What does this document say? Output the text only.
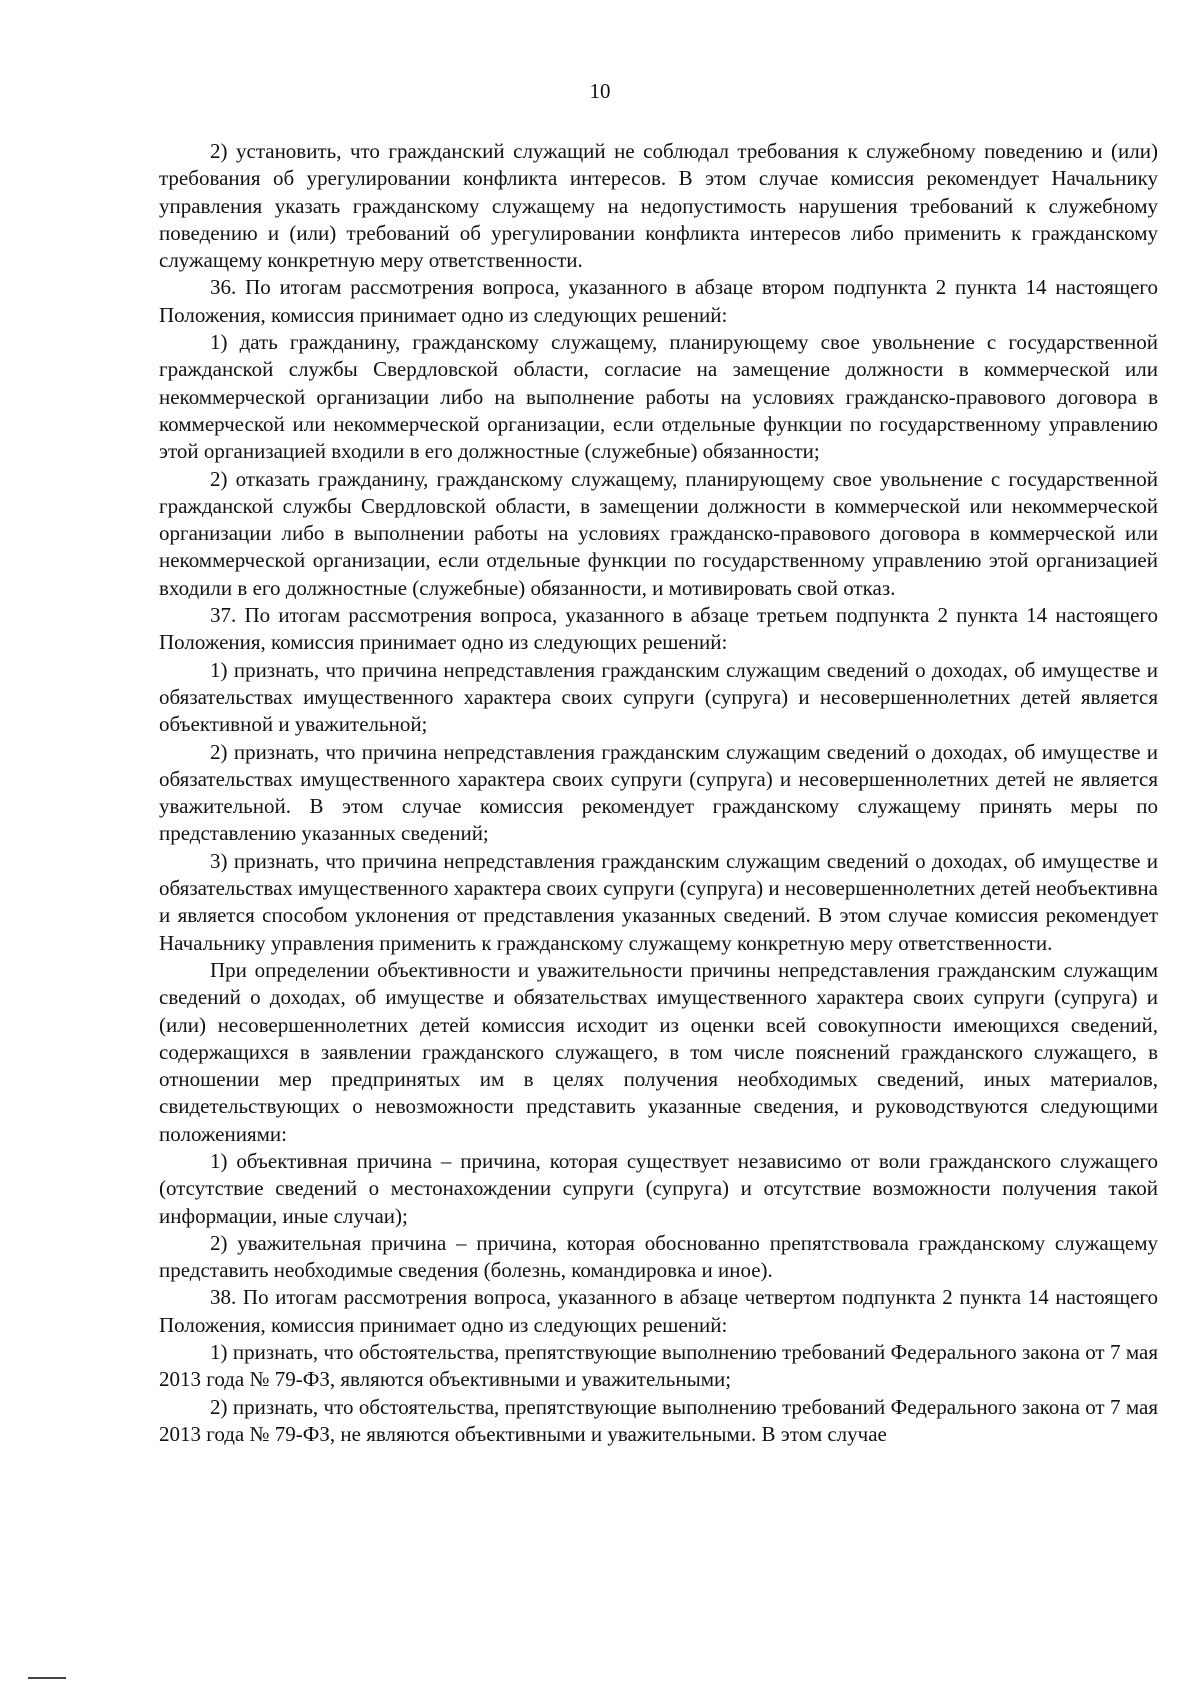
10

2) установить, что гражданский служащий не соблюдал требования к служебному поведению и (или) требования об урегулировании конфликта интересов. В этом случае комиссия рекомендует Начальнику управления указать гражданскому служащему на недопустимость нарушения требований к служебному поведению и (или) требований об урегулировании конфликта интересов либо применить к гражданскому служащему конкретную меру ответственности.

36. По итогам рассмотрения вопроса, указанного в абзаце втором подпункта 2 пункта 14 настоящего Положения, комиссия принимает одно из следующих решений:

1) дать гражданину, гражданскому служащему, планирующему свое увольнение с государственной гражданской службы Свердловской области, согласие на замещение должности в коммерческой или некоммерческой организации либо на выполнение работы на условиях гражданско-правового договора в коммерческой или некоммерческой организации, если отдельные функции по государственному управлению этой организацией входили в его должностные (служебные) обязанности;

2) отказать гражданину, гражданскому служащему, планирующему свое увольнение с государственной гражданской службы Свердловской области, в замещении должности в коммерческой или некоммерческой организации либо в выполнении работы на условиях гражданско-правового договора в коммерческой или некоммерческой организации, если отдельные функции по государственному управлению этой организацией входили в его должностные (служебные) обязанности, и мотивировать свой отказ.

37. По итогам рассмотрения вопроса, указанного в абзаце третьем подпункта 2 пункта 14 настоящего Положения, комиссия принимает одно из следующих решений:

1) признать, что причина непредставления гражданским служащим сведений о доходах, об имуществе и обязательствах имущественного характера своих супруги (супруга) и несовершеннолетних детей является объективной и уважительной;

2) признать, что причина непредставления гражданским служащим сведений о доходах, об имуществе и обязательствах имущественного характера своих супруги (супруга) и несовершеннолетних детей не является уважительной. В этом случае комиссия рекомендует гражданскому служащему принять меры по представлению указанных сведений;

3) признать, что причина непредставления гражданским служащим сведений о доходах, об имуществе и обязательствах имущественного характера своих супруги (супруга) и несовершеннолетних детей необъективна и является способом уклонения от представления указанных сведений. В этом случае комиссия рекомендует Начальнику управления применить к гражданскому служащему конкретную меру ответственности.

При определении объективности и уважительности причины непредставления гражданским служащим сведений о доходах, об имуществе и обязательствах имущественного характера своих супруги (супруга) и (или) несовершеннолетних детей комиссия исходит из оценки всей совокупности имеющихся сведений, содержащихся в заявлении гражданского служащего, в том числе пояснений гражданского служащего, в отношении мер предпринятых им в целях получения необходимых сведений, иных материалов, свидетельствующих о невозможности представить указанные сведения, и руководствуются следующими положениями:

1) объективная причина – причина, которая существует независимо от воли гражданского служащего (отсутствие сведений о местонахождении супруги (супруга) и отсутствие возможности получения такой информации, иные случаи);

2) уважительная причина – причина, которая обоснованно препятствовала гражданскому служащему представить необходимые сведения (болезнь, командировка и иное).

38. По итогам рассмотрения вопроса, указанного в абзаце четвертом подпункта 2 пункта 14 настоящего Положения, комиссия принимает одно из следующих решений:

1) признать, что обстоятельства, препятствующие выполнению требований Федерального закона от 7 мая 2013 года № 79-ФЗ, являются объективными и уважительными;

2) признать, что обстоятельства, препятствующие выполнению требований Федерального закона от 7 мая 2013 года № 79-ФЗ, не являются объективными и уважительными. В этом случае
